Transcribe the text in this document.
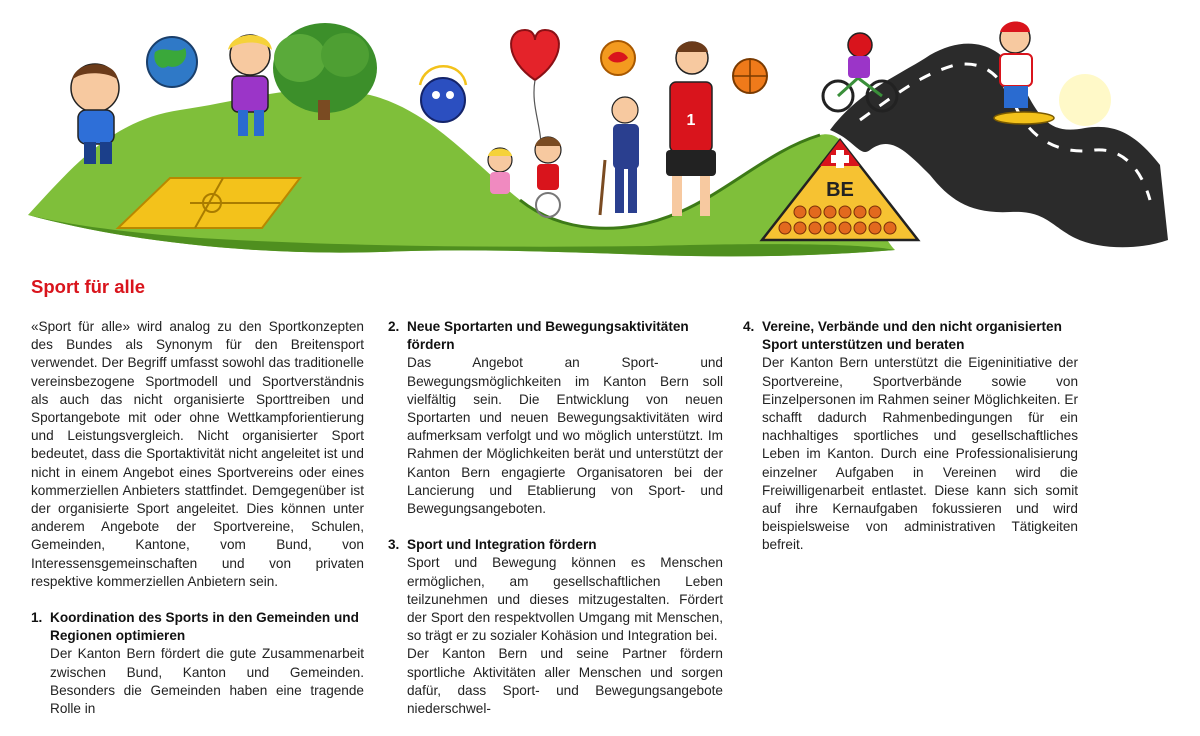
BE
1
Sport für alle

«Sport für alle» wird analog zu den Sportkonzepten des Bundes als Synonym für den Breitensport verwendet. Der Begriff umfasst sowohl das traditionelle vereinsbezogene Sportmodell und Sportverständnis als auch das nicht organisierte Sporttreiben und Sportangebote mit oder ohne Wettkampforientierung und Leistungsvergleich. Nicht organisierter Sport bedeutet, dass die Sportaktivität nicht angeleitet ist und nicht in einem Angebot eines Sportvereins oder eines kommerziellen Anbieters stattfindet. Demgegenüber ist der organisierte Sport angeleitet. Dies können unter anderem Angebote der Sportvereine, Schulen, Gemeinden, Kantone, vom Bund, von Interessensgemeinschaften und von privaten respektive kommerziellen Anbietern sein.

1. Koordination des Sports in den Gemeinden und Regionen optimieren

Der Kanton Bern fördert die gute Zusammenarbeit zwischen Bund, Kanton und Gemeinden. Besonders die Gemeinden haben eine tragende Rolle in

2. Neue Sportarten und Bewegungsaktivitäten fördern

Das Angebot an Sport- und Bewegungsmöglichkeiten im Kanton Bern soll vielfältig sein. Die Entwicklung von neuen Sportarten und neuen Bewegungsaktivitäten wird aufmerksam verfolgt und wo möglich unterstützt. Im Rahmen der Möglichkeiten berät und unterstützt der Kanton Bern engagierte Organisatoren bei der Lancierung und Etablierung von Sport- und Bewegungsangeboten.

3. Sport und Integration fördern

Sport und Bewegung können es Menschen ermöglichen, am gesellschaftlichen Leben teilzunehmen und dieses mitzugestalten. Fördert der Sport den respektvollen Umgang mit Menschen, so trägt er zu sozialer Kohäsion und Integration bei.

Der Kanton Bern und seine Partner fördern sportliche Aktivitäten aller Menschen und sorgen dafür, dass Sport- und Bewegungsangebote niederschwel-

4. Vereine, Verbände und den nicht organisierten Sport unterstützen und beraten

Der Kanton Bern unterstützt die Eigeninitiative der Sportvereine, Sportverbände sowie von Einzelpersonen im Rahmen seiner Möglichkeiten. Er schafft dadurch Rahmenbedingungen für ein nachhaltiges sportliches und gesellschaftliches Leben im Kanton. Durch eine Professionalisierung einzelner Aufgaben in Vereinen wird die Freiwilligenarbeit entlastet. Diese kann sich somit auf ihre Kernaufgaben fokussieren und wird beispielsweise von administrativen Tätigkeiten befreit.
